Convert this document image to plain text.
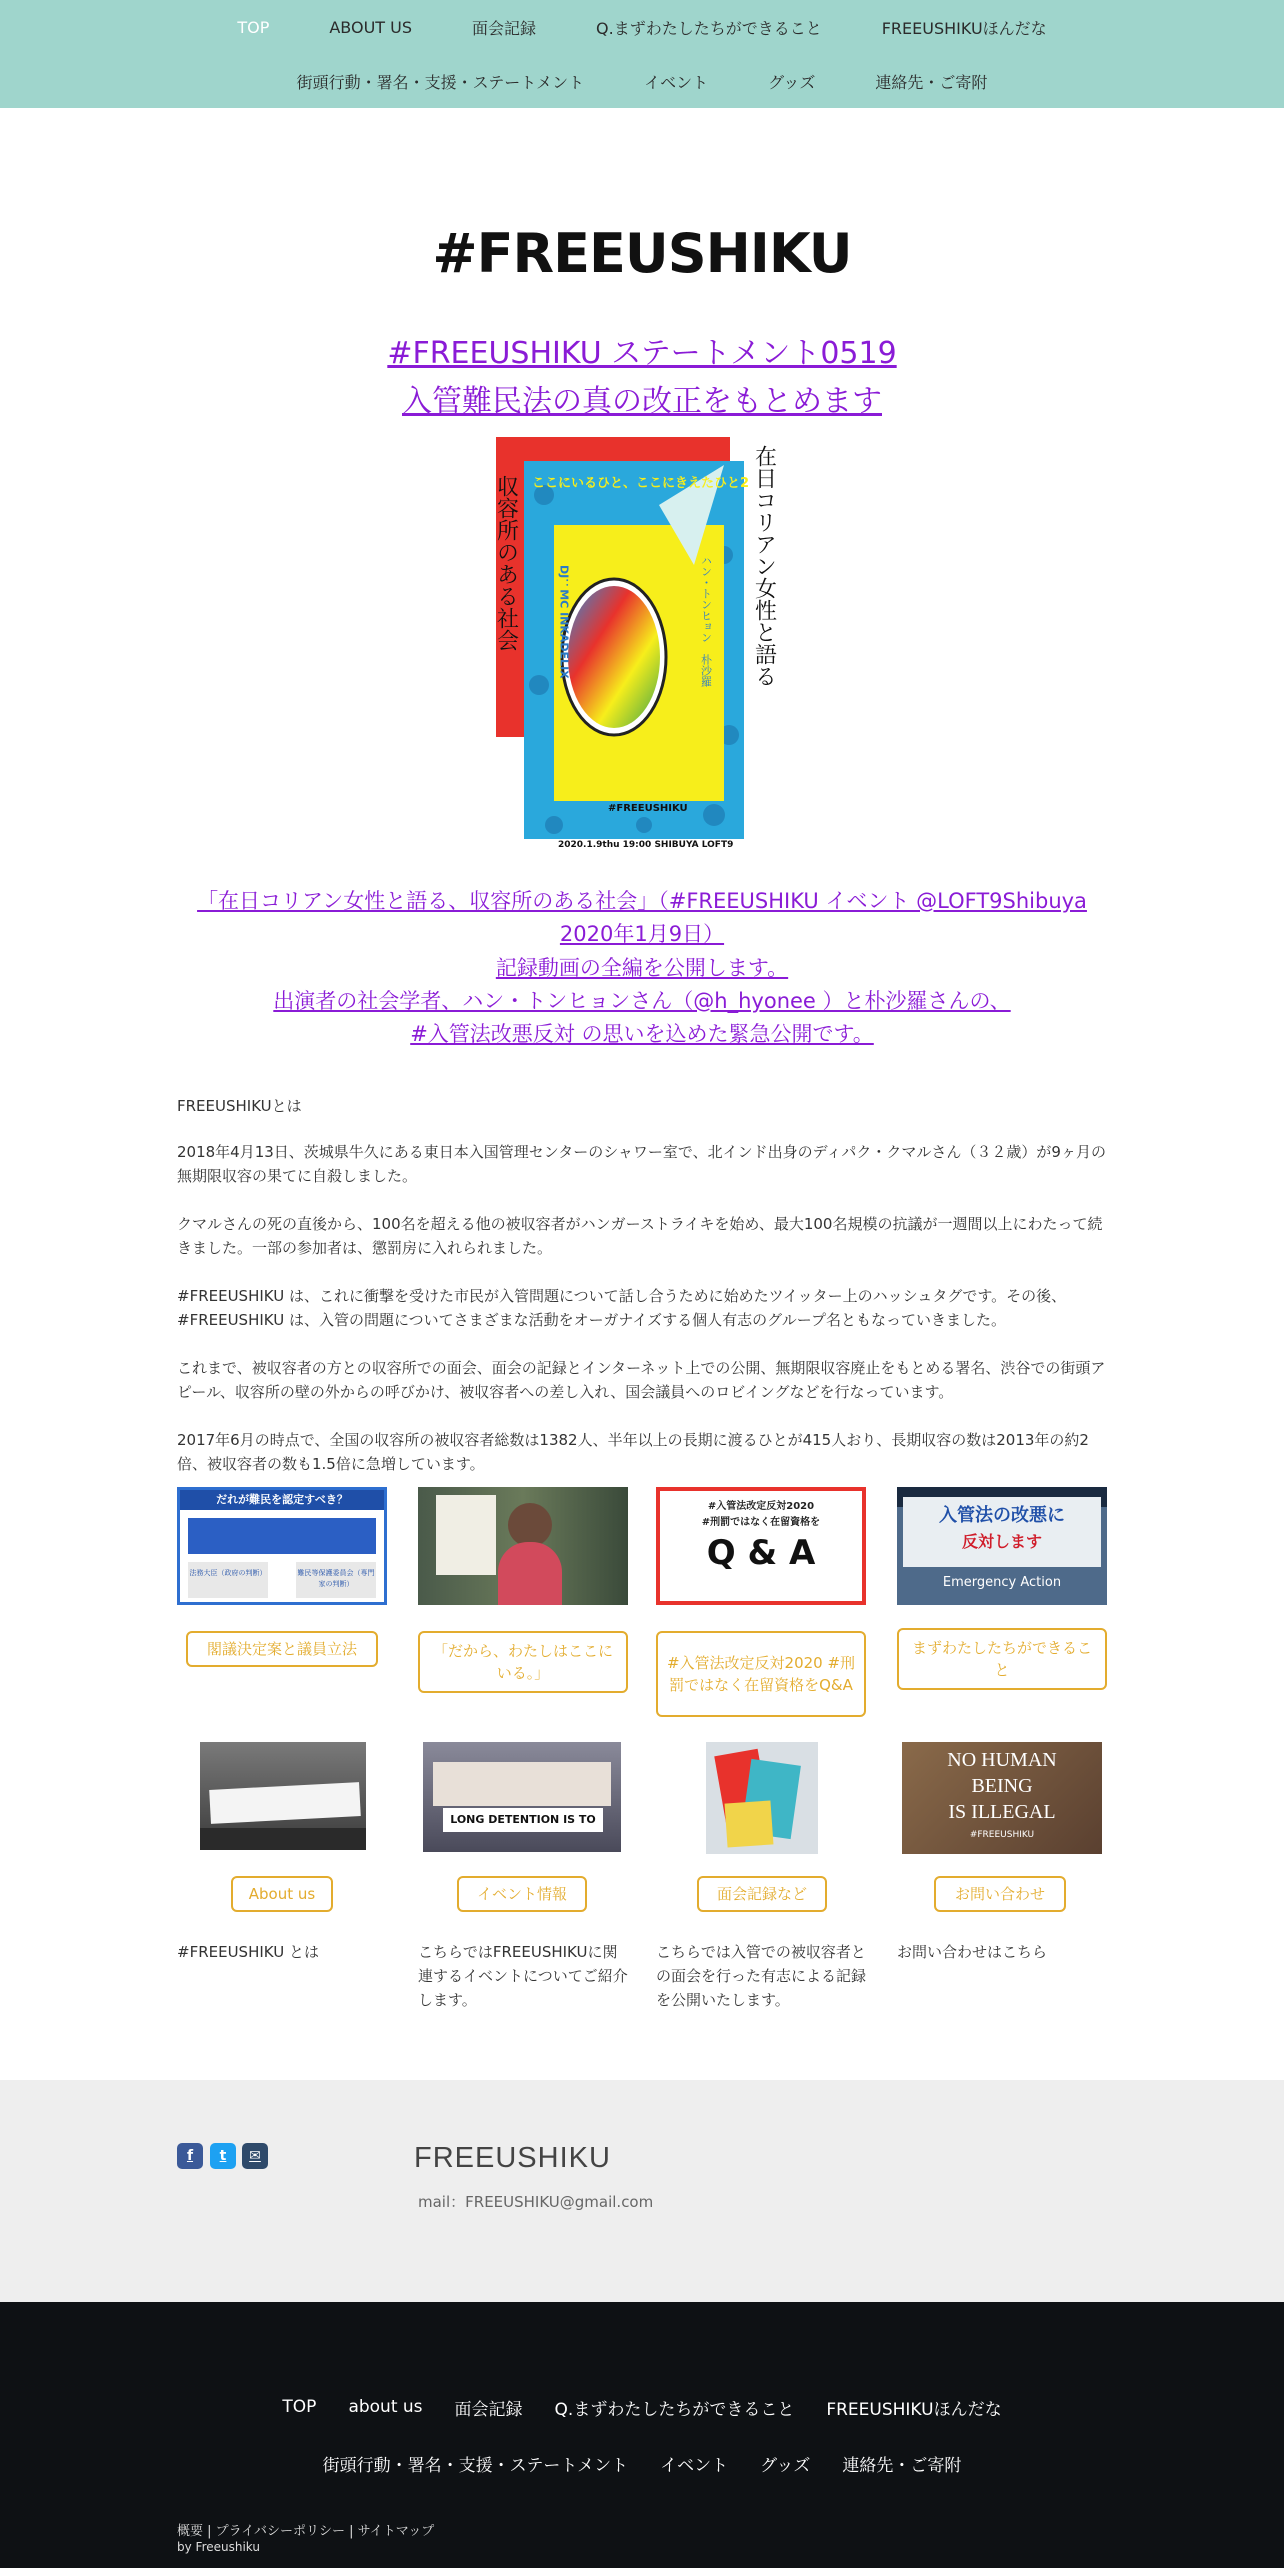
TOP	ABOUT US	面会記録	Q.まずわたしたちができること	FREEUSHIKUほんだな
街頭行動・署名・支援・ステートメント	イベント	グッズ	連絡先・ご寄附
#FREEUSHIKU
#FREEUSHIKU ステートメント0519
入管難民法の真の改正をもとめます
ここにいるひと、ここにきえたひと2
ハン・トンヒョン　朴沙羅
DJ：MC INKADELIX
#FREEUSHIKU
在日コリアン女性と語る
収容所のある社会
2020.1.9thu 19:00 SHIBUYA LOFT9
「在日コリアン女性と語る、収容所のある社会」（#FREEUSHIKU イベント @LOFT9Shibuya
2020年1月9日）
記録動画の全編を公開します。
出演者の社会学者、ハン・トンヒョンさん（@h_hyonee ）と朴沙羅さんの、
#入管法改悪反対 の思いを込めた緊急公開です。

FREEUSHIKUとは

2018年4月13日、茨城県牛久にある東日本入国管理センターのシャワー室で、北インド出身のディパク・クマルさん（３２歳）が9ヶ月の無期限収容の果てに自殺しました。

クマルさんの死の直後から、100名を超える他の被収容者がハンガーストライキを始め、最大100名規模の抗議が一週間以上にわたって続きました。一部の参加者は、懲罰房に入れられました。

#FREEUSHIKU は、これに衝撃を受けた市民が入管問題について話し合うために始めたツイッター上のハッシュタグです。その後、#FREEUSHIKU は、入管の問題についてさまざまな活動をオーガナイズする個人有志のグループ名ともなっていきました。

これまで、被収容者の方との収容所での面会、面会の記録とインターネット上での公開、無期限収容廃止をもとめる署名、渋谷での街頭アピール、収容所の壁の外からの呼びかけ、被収容者への差し入れ、国会議員へのロビイングなどを行なっています。

2017年6月の時点で、全国の収容所の被収容者総数は1382人、半年以上の長期に渡るひとが415人おり、長期収容の数は2013年の約2倍、被収容者の数も1.5倍に急増しています。

だれが難民を認定すべき？
法務大臣（政府の判断）	難民等保護委員会（専門家の判断）
#入管法改定反対2020
#刑罰ではなく在留資格を
Q & A
入管法の改悪に
反対します
Emergency Action
閣議決定案と議員立法	「だから、わたしはここにいる。」
#入管法改定反対2020 #刑罰ではなく在留資格をQ&A
まずわたしたちができること
LONG DETENTION IS TO
NO HUMAN
BEING
IS ILLEGAL
#FREEUSHIKU
About us	イベント情報	面会記録など	お問い合わせ

#FREEUSHIKU とは	こちらではFREEUSHIKUに関連するイベントについてご紹介します。

こちらでは入管での被収容者との面会を行った有志による記録を公開いたします。

お問い合わせはこちら

f	t	✉	FREEUSHIKU
mail：FREEUSHIKU@gmail.com
TOP about us 面会記録 Q.まずわたしたちができること FREEUSHIKUほんだな
街頭行動・署名・支援・ステートメント イベント グッズ 連絡先・ご寄附
概要 | プライバシーポリシー | サイトマップ
by Freeushiku
